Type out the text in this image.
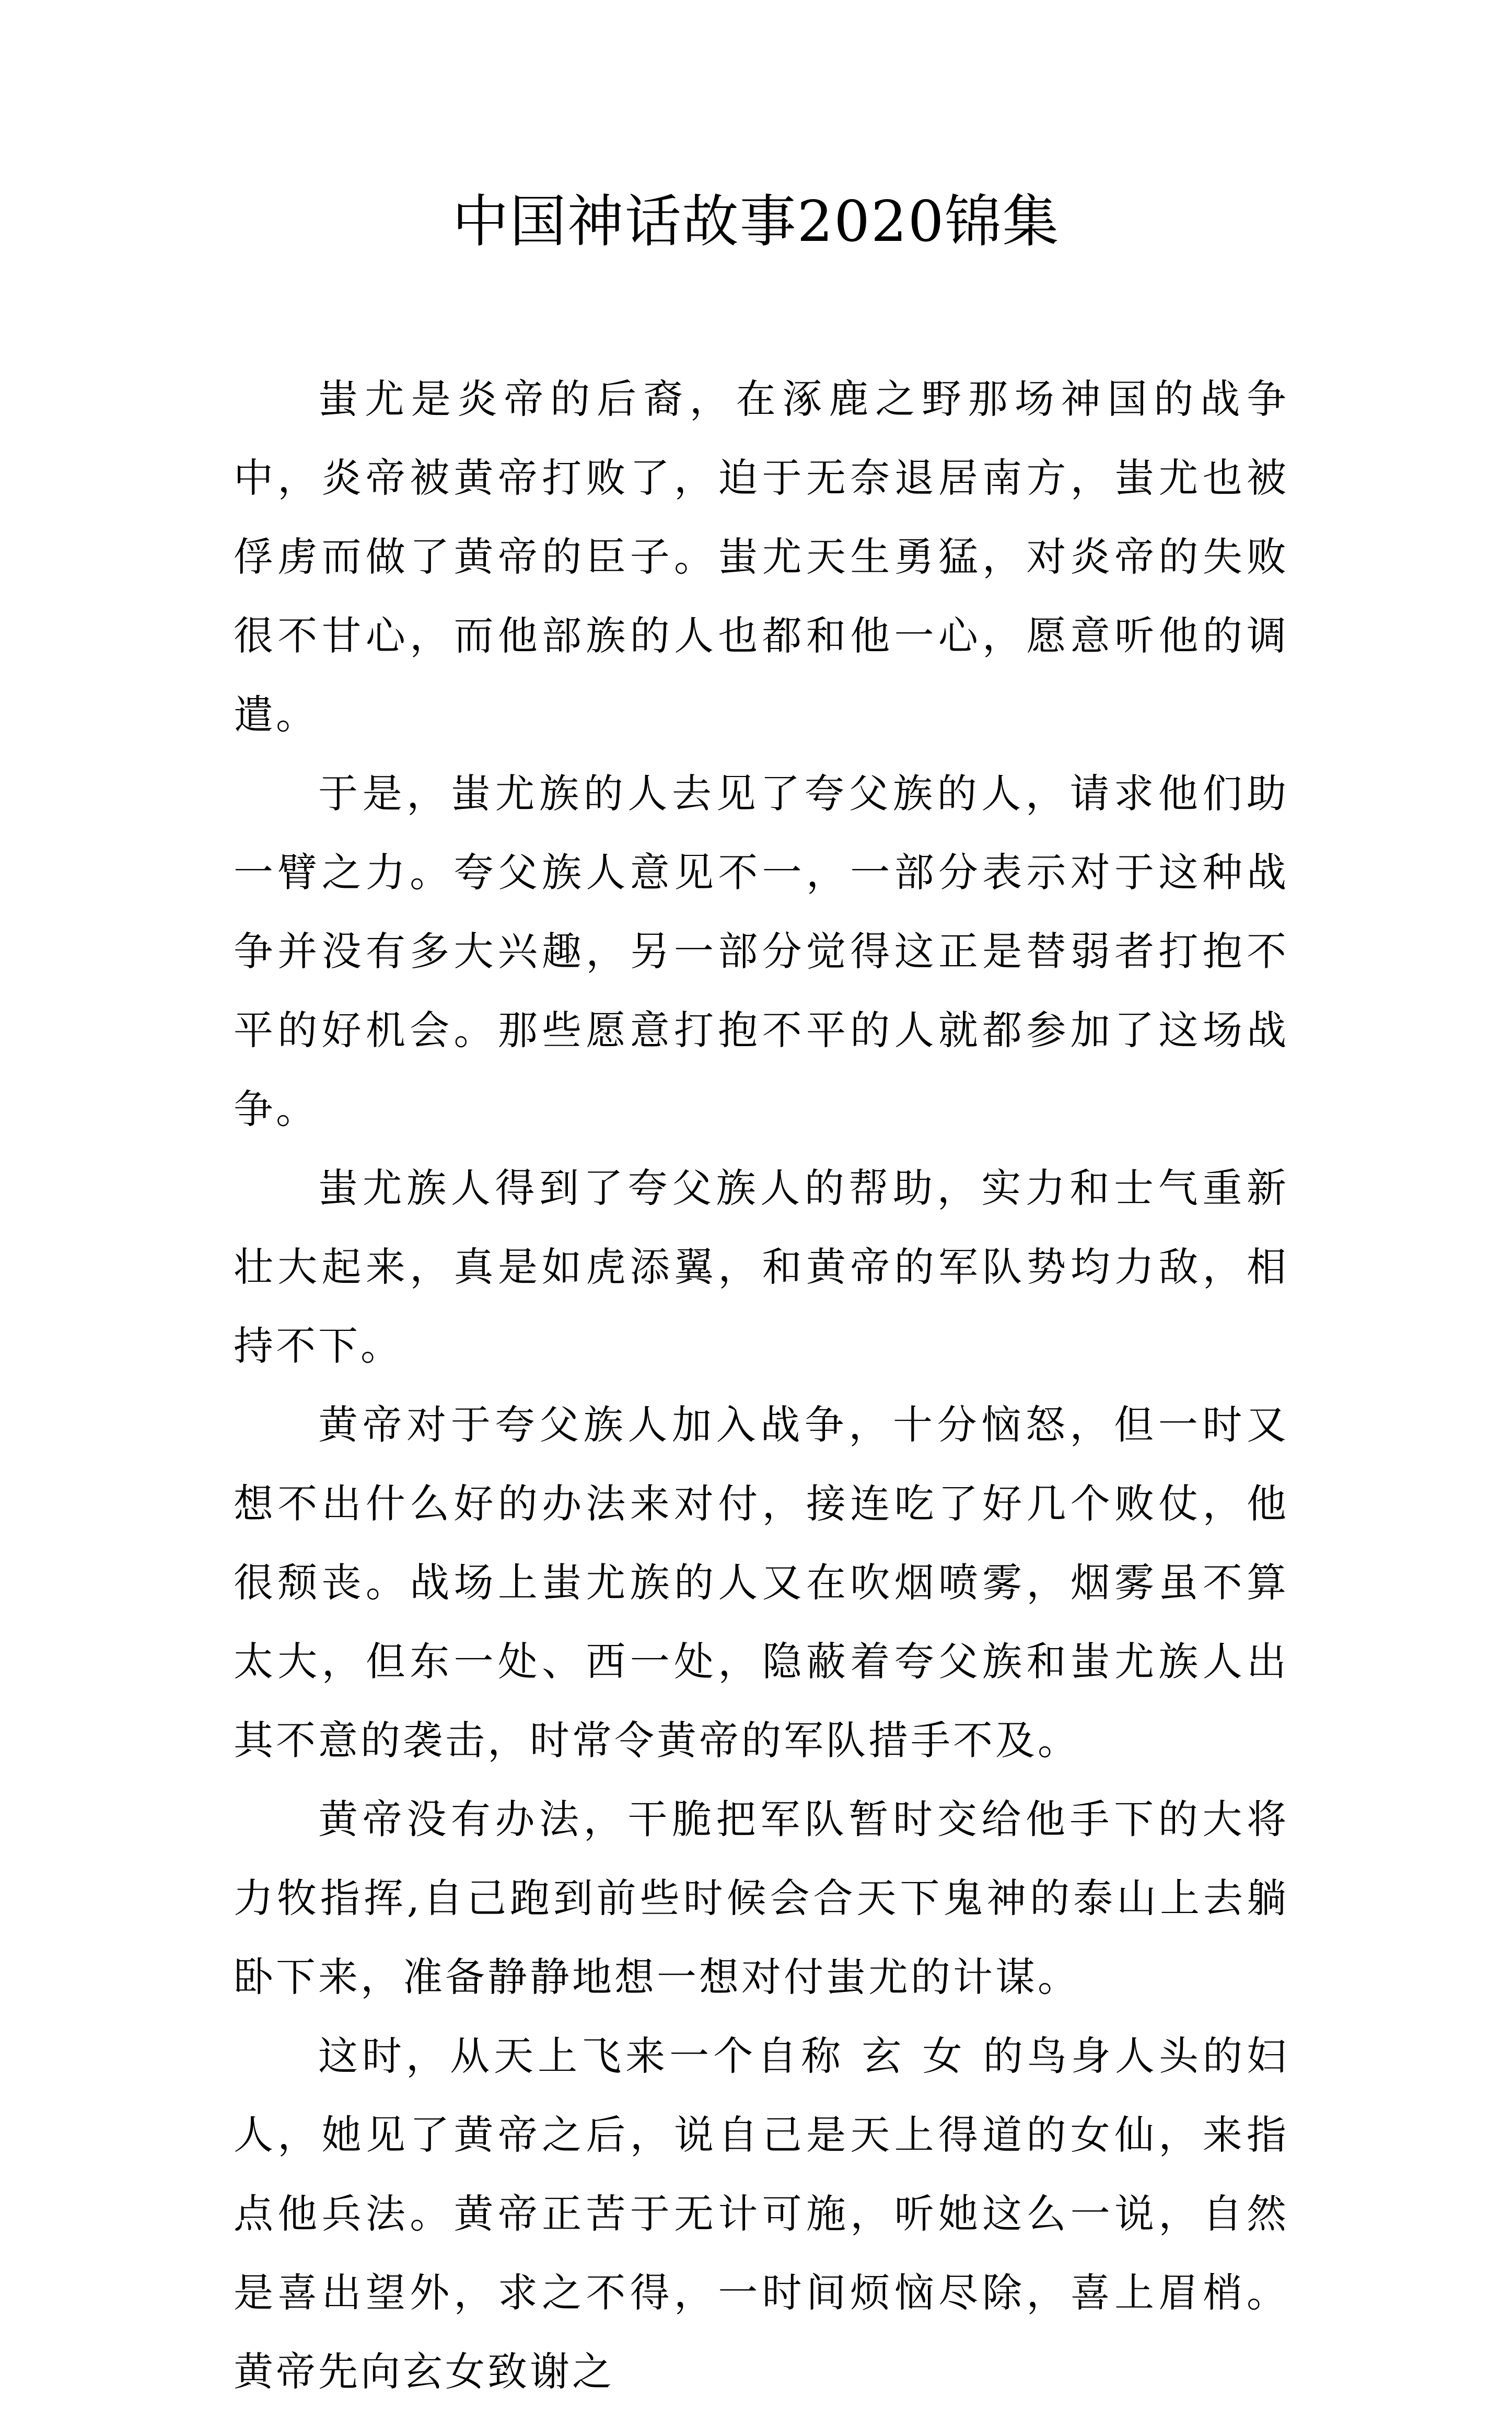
中国神话故事2020锦集

蚩尤是炎帝的后裔，在涿鹿之野那场神国的战争中，炎帝被黄帝打败了，迫于无奈退居南方，蚩尤也被俘虏而做了黄帝的臣子。蚩尤天生勇猛，对炎帝的失败很不甘心，而他部族的人也都和他一心，愿意听他的调遣。

于是，蚩尤族的人去见了夸父族的人，请求他们助一臂之力。夸父族人意见不一，一部分表示对于这种战争并没有多大兴趣，另一部分觉得这正是替弱者打抱不平的好机会。那些愿意打抱不平的人就都参加了这场战争。

蚩尤族人得到了夸父族人的帮助，实力和士气重新壮大起来，真是如虎添翼，和黄帝的军队势均力敌，相持不下。

黄帝对于夸父族人加入战争，十分恼怒，但一时又想不出什么好的办法来对付，接连吃了好几个败仗，他很颓丧。战场上蚩尤族的人又在吹烟喷雾，烟雾虽不算太大，但东一处、西一处，隐蔽着夸父族和蚩尤族人出其不意的袭击，时常令黄帝的军队措手不及。

黄帝没有办法，干脆把军队暂时交给他手下的大将力牧指挥,自己跑到前些时候会合天下鬼神的泰山上去躺卧下来，准备静静地想一想对付蚩尤的计谋。

这时，从天上飞来一个自称 玄 女 的鸟身人头的妇人，她见了黄帝之后，说自己是天上得道的女仙，来指点他兵法。黄帝正苦于无计可施，听她这么一说，自然是喜出望外，求之不得，一时间烦恼尽除，喜上眉梢。黄帝先向玄女致谢之
